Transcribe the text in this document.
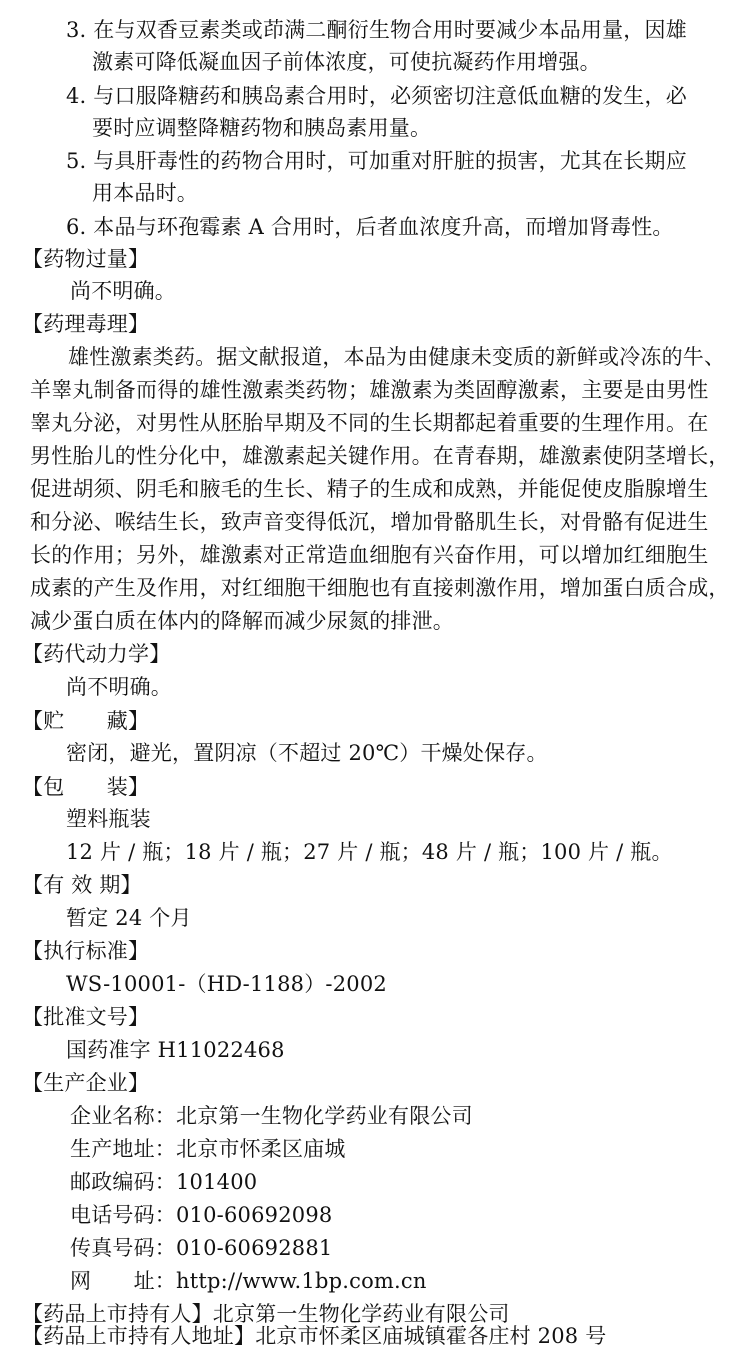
3. 在与双香豆素类或茚满二酮衍生物合用时要减少本品用量，因雄
激素可降低凝血因子前体浓度，可使抗凝药作用增强。
4. 与口服降糖药和胰岛素合用时，必须密切注意低血糖的发生，必
要时应调整降糖药物和胰岛素用量。
5. 与具肝毒性的药物合用时，可加重对肝脏的损害，尤其在长期应
用本品时。
6. 本品与环孢霉素 A 合用时，后者血浓度升高，而增加肾毒性。
【药物过量】
尚不明确。
【药理毒理】
雄性激素类药。据文献报道，本品为由健康未变质的新鲜或冷冻的牛、
羊睾丸制备而得的雄性激素类药物；雄激素为类固醇激素，主要是由男性
睾丸分泌，对男性从胚胎早期及不同的生长期都起着重要的生理作用。在
男性胎儿的性分化中，雄激素起关键作用。在青春期，雄激素使阴茎增长，
促进胡须、阴毛和腋毛的生长、精子的生成和成熟，并能促使皮脂腺增生
和分泌、喉结生长，致声音变得低沉，增加骨骼肌生长，对骨骼有促进生
长的作用；另外，雄激素对正常造血细胞有兴奋作用，可以增加红细胞生
成素的产生及作用，对红细胞干细胞也有直接刺激作用，增加蛋白质合成，
减少蛋白质在体内的降解而减少尿氮的排泄。
【药代动力学】
尚不明确。
【贮　　藏】
密闭，避光，置阴凉（不超过 20℃）干燥处保存。
【包　　装】
塑料瓶装
12 片 / 瓶；18 片 / 瓶；27 片 / 瓶；48 片 / 瓶；100 片 / 瓶。
【有 效 期】
暂定 24 个月
【执行标准】
WS-10001-（HD-1188）-2002
【批准文号】
国药准字 H11022468
【生产企业】
企业名称：北京第一生物化学药业有限公司
生产地址：北京市怀柔区庙城
邮政编码：101400
电话号码：010-60692098
传真号码：010-60692881
网　　址：http://www.1bp.com.cn
【药品上市持有人】北京第一生物化学药业有限公司
【药品上市持有人地址】北京市怀柔区庙城镇霍各庄村 208 号
